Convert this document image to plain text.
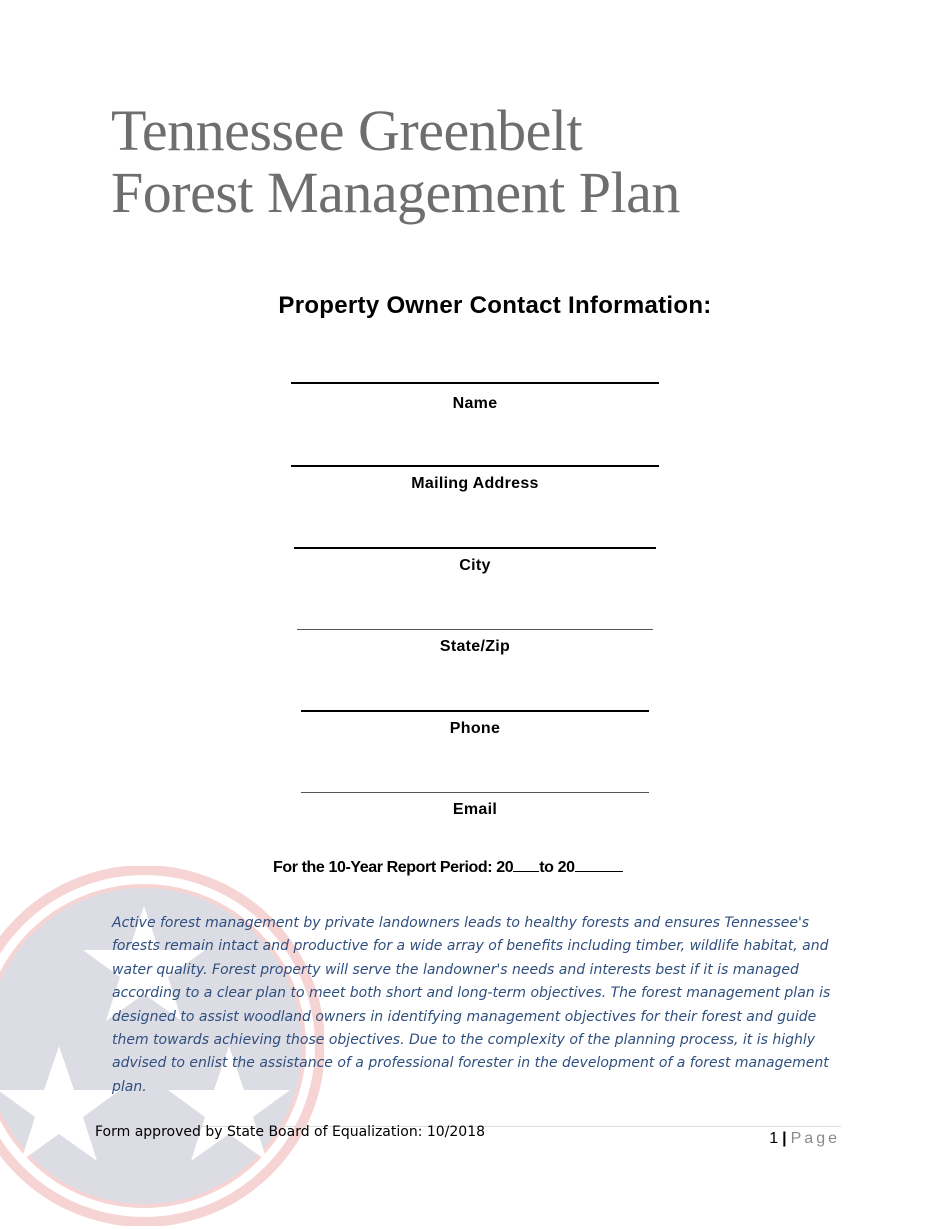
Tennessee Greenbelt
Forest Management Plan
Property Owner Contact Information:
Name
Mailing Address
City
State/Zip
Phone
Email
For the 10-Year Report Period: 20 to 20
Active forest management by private landowners leads to healthy forests and ensures Tennessee's forests remain intact and productive for a wide array of benefits including timber, wildlife habitat, and water quality. Forest property will serve the landowner's needs and interests best if it is managed according to a clear plan to meet both short and long-term objectives. The forest management plan is designed to assist woodland owners in identifying management objectives for their forest and guide them towards achieving those objectives. Due to the complexity of the planning process, it is highly advised to enlist the assistance of a professional forester in the development of a forest management plan.
Form approved by State Board of Equalization: 10/2018	1 | Page
